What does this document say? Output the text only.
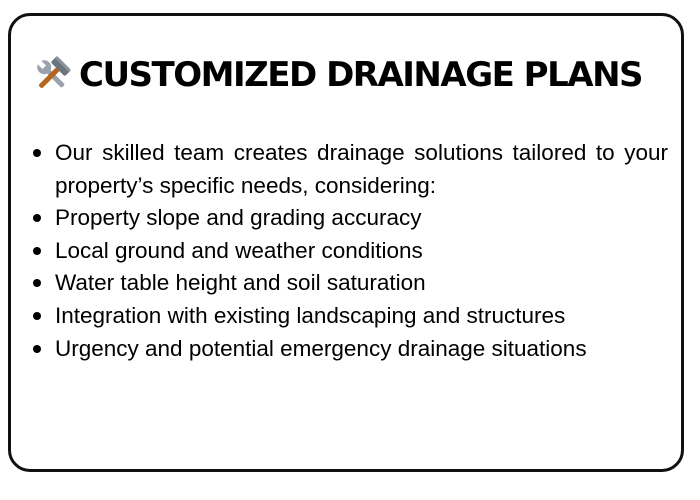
CUSTOMIZED DRAINAGE PLANS
Our skilled team creates drainage solutions tailored to your property’s specific needs, considering:
Property slope and grading accuracy
Local ground and weather conditions
Water table height and soil saturation
Integration with existing landscaping and structures
Urgency and potential emergency drainage situations
